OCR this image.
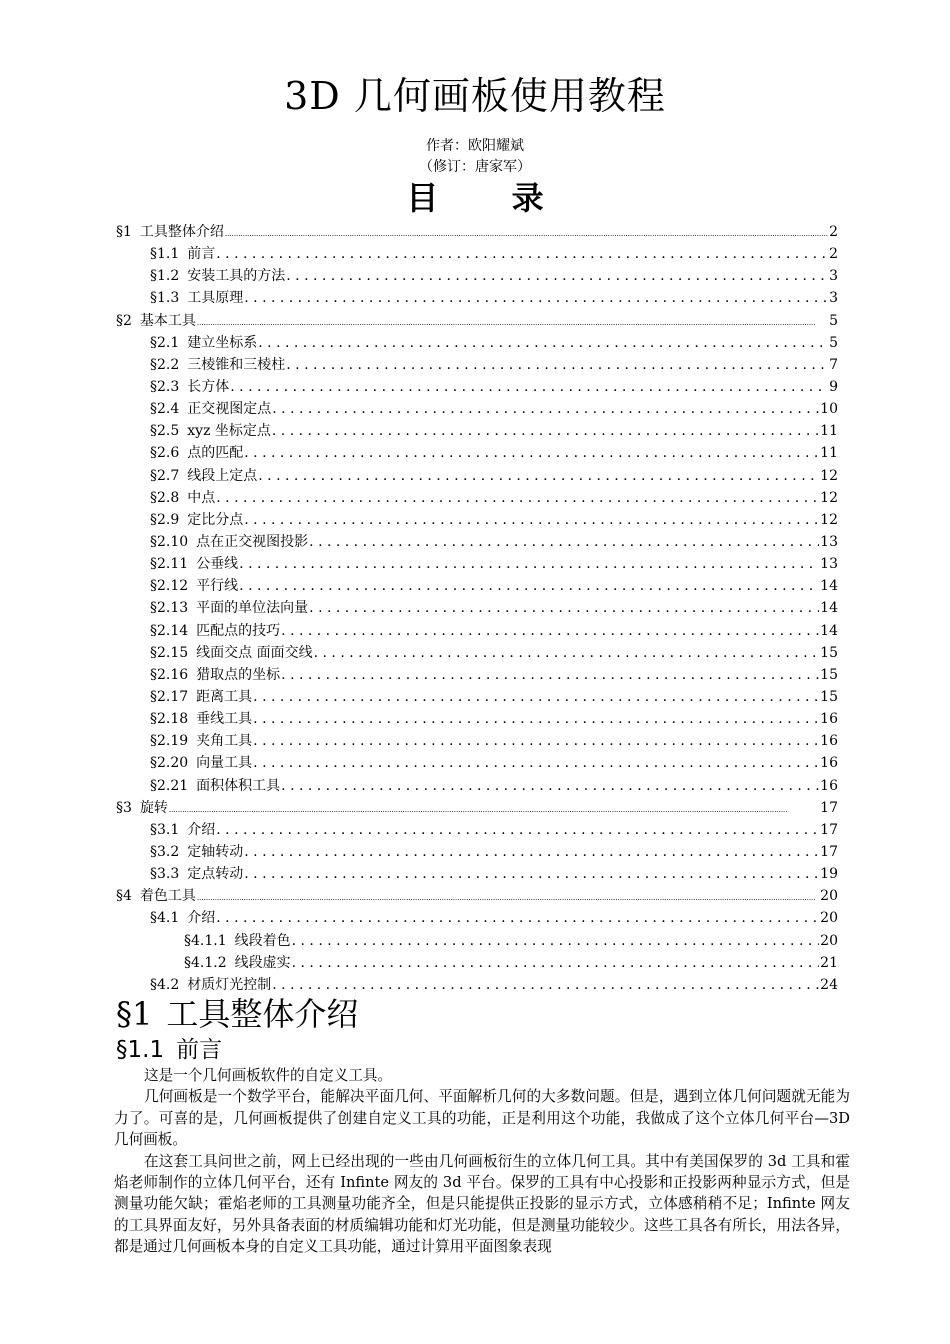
3D 几何画板使用教程
作者：欧阳耀斌
（修订：唐家军）
目 录
§1 工具整体介绍 .....	2
§1.1 前言 . . .	2
§1.2 安装工具的方法 . . .	3
§1.3 工具原理 . . .	3
§2 基本工具 .....	5
§2.1 建立坐标系 . . .	5
§2.2 三棱锥和三棱柱 . . .	7
§2.3 长方体 . . .	9
§2.4 正交视图定点 . . .	10
§2.5 xyz 坐标定点 . . .	11
§2.6 点的匹配 . . .	11
§2.7 线段上定点 . . .	12
§2.8 中点 . . .	12
§2.9 定比分点 . . .	12
§2.10 点在正交视图投影 . . .	13
§2.11 公垂线 . . .	13
§2.12 平行线 . . .	14
§2.13 平面的单位法向量 . . .	14
§2.14 匹配点的技巧 . . .	14
§2.15 线面交点 面面交线 . . .	15
§2.16 猎取点的坐标 . . .	15
§2.17 距离工具 . . .	15
§2.18 垂线工具 . . .	16
§2.19 夹角工具 . . .	16
§2.20 向量工具 . . .	16
§2.21 面积体积工具 . . .	16
§3 旋转 .....	17
§3.1 介绍 . . .	17
§3.2 定轴转动 . . .	17
§3.3 定点转动 . . .	19
§4 着色工具 .....	20
§4.1 介绍 . . .	20
§4.1.1 线段着色 . . .	20
§4.1.2 线段虚实 . . .	21
§4.2 材质灯光控制 . . .	24
§1 工具整体介绍
§1.1 前言

这是一个几何画板软件的自定义工具。

几何画板是一个数学平台，能解决平面几何、平面解析几何的大多数问题。但是，遇到立体几何问题就无能为力了。可喜的是，几何画板提供了创建自定义工具的功能，正是利用这个功能，我做成了这个立体几何平台—3D 几何画板。

在这套工具问世之前，网上已经出现的一些由几何画板衍生的立体几何工具。其中有美国保罗的 3d 工具和霍焰老师制作的立体几何平台，还有 Infinte 网友的 3d 平台。保罗的工具有中心投影和正投影两种显示方式，但是测量功能欠缺；霍焰老师的工具测量功能齐全，但是只能提供正投影的显示方式，立体感稍稍不足；Infinte 网友的工具界面友好，另外具备表面的材质编辑功能和灯光功能，但是测量功能较少。这些工具各有所长，用法各异，都是通过几何画板本身的自定义工具功能，通过计算用平面图象表现
